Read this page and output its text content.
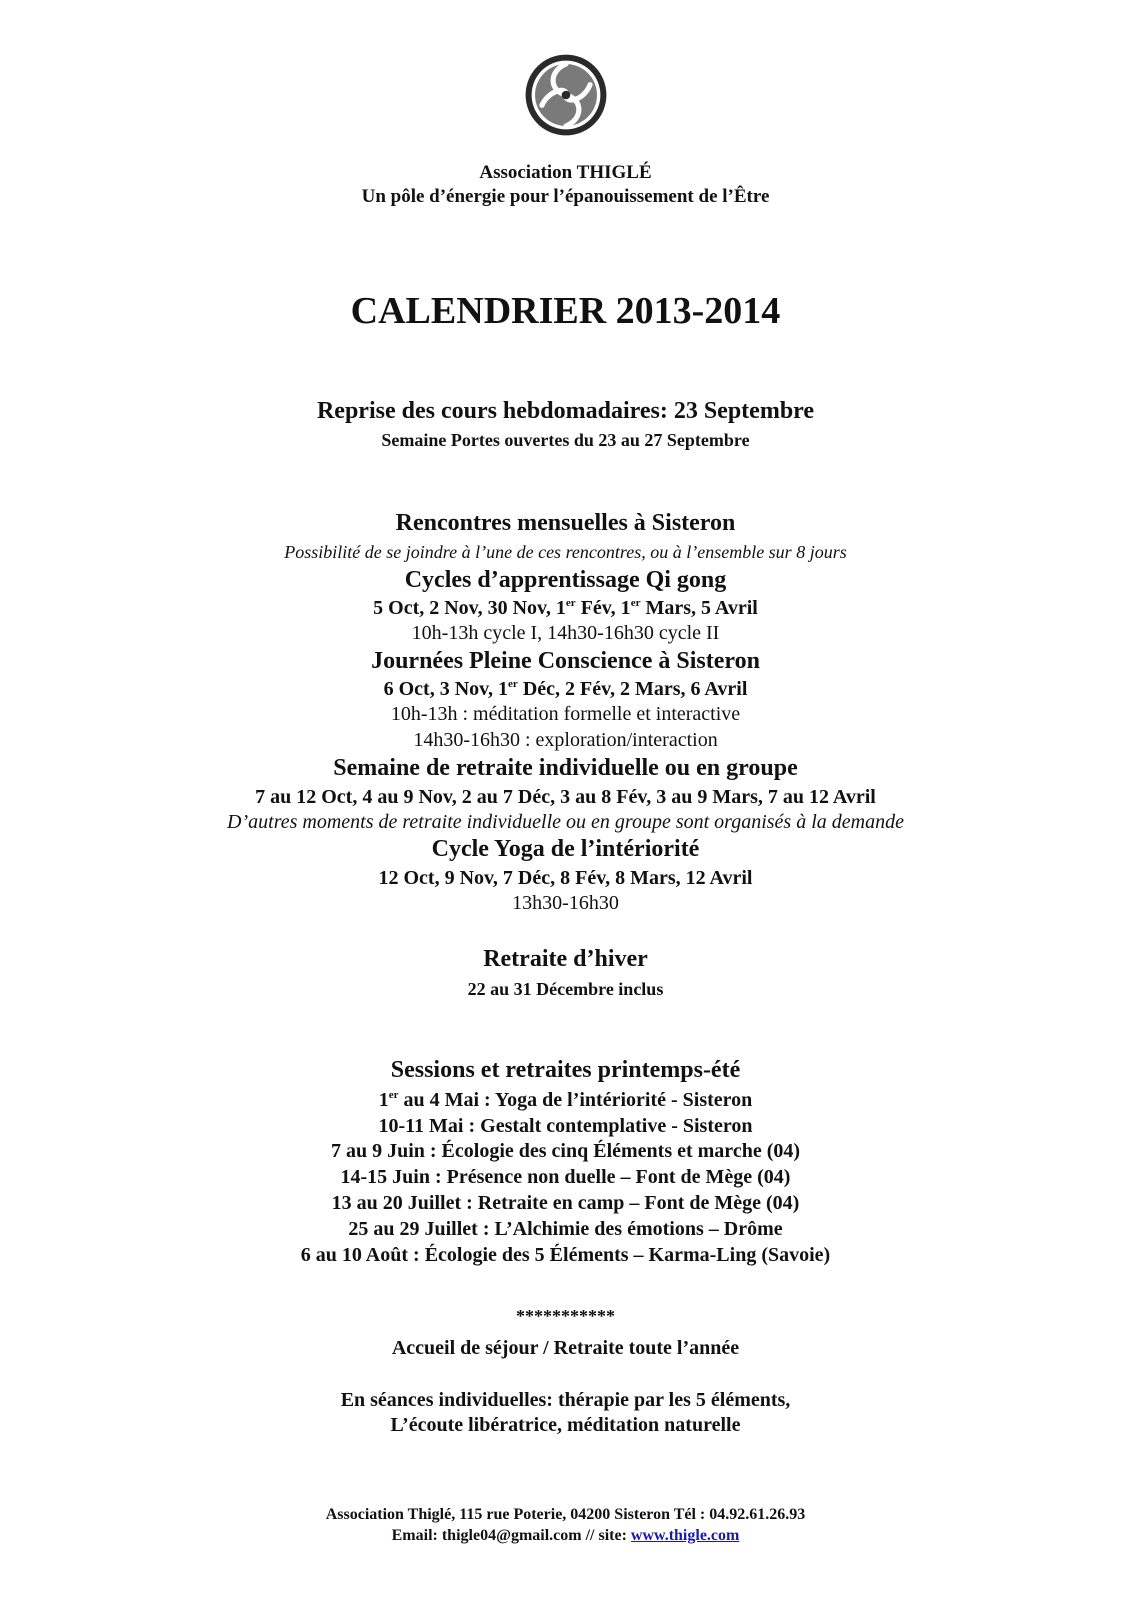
Association THIGLÉ
Un pôle d’énergie pour l’épanouissement de l’Être
CALENDRIER 2013-2014
Reprise des cours hebdomadaires: 23 Septembre
Semaine Portes ouvertes du 23 au 27 Septembre
Rencontres mensuelles à Sisteron
Possibilité de se joindre à l’une de ces rencontres, ou à l’ensemble sur 8 jours
Cycles d’apprentissage Qi gong
5 Oct, 2 Nov, 30 Nov, 1er Fév, 1er Mars, 5 Avril
10h-13h cycle I, 14h30-16h30 cycle II
Journées Pleine Conscience à Sisteron
6 Oct, 3 Nov, 1er Déc, 2 Fév, 2 Mars, 6 Avril
10h-13h : méditation formelle et interactive
14h30-16h30 : exploration/interaction
Semaine de retraite individuelle ou en groupe
7 au 12 Oct, 4 au 9 Nov, 2 au 7 Déc, 3 au 8 Fév, 3 au 9 Mars, 7 au 12 Avril
D’autres moments de retraite individuelle ou en groupe sont organisés à la demande
Cycle Yoga de l’intériorité
12 Oct, 9 Nov, 7 Déc, 8 Fév, 8 Mars, 12 Avril
13h30-16h30
Retraite d’hiver
22 au 31 Décembre inclus
Sessions et retraites printemps-été
1er au 4 Mai : Yoga de l’intériorité - Sisteron
10-11 Mai : Gestalt contemplative - Sisteron
7 au 9 Juin : Écologie des cinq Éléments et marche (04)
14-15 Juin : Présence non duelle – Font de Mège (04)
13 au 20 Juillet : Retraite en camp – Font de Mège (04)
25 au 29 Juillet : L’Alchimie des émotions – Drôme
6 au 10 Août : Écologie des 5 Éléments – Karma-Ling (Savoie)
***********
Accueil de séjour / Retraite toute l’année
En séances individuelles: thérapie par les 5 éléments,
L’écoute libératrice, méditation naturelle
Association Thiglé, 115 rue Poterie, 04200 Sisteron Tél : 04.92.61.26.93
Email: thigle04@gmail.com // site: www.thigle.com
